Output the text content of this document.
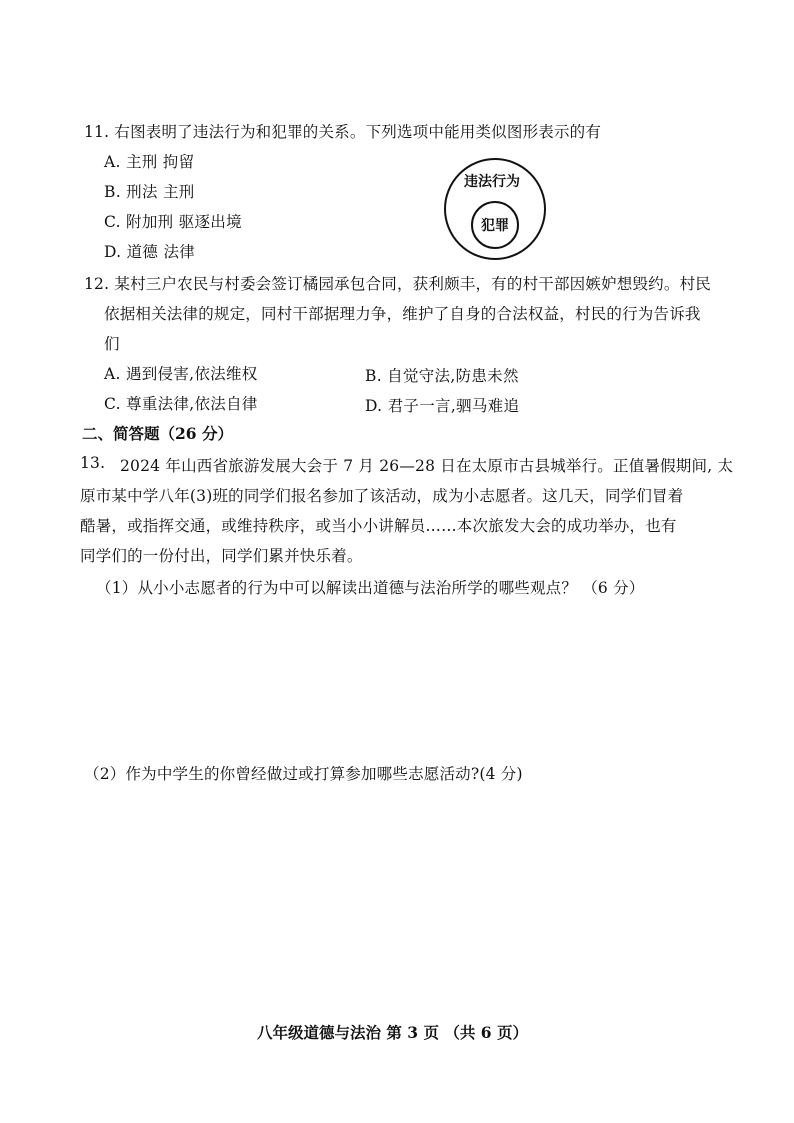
11. 右图表明了违法行为和犯罪的关系。下列选项中能用类似图形表示的有
A. 主刑 拘留
B. 刑法 主刑
C. 附加刑 驱逐出境
D. 道德 法律
违法行为
犯罪
12. 某村三户农民与村委会签订橘园承包合同，获利颇丰，有的村干部因嫉妒想毁约。村民
依据相关法律的规定，同村干部据理力争，维护了自身的合法权益，村民的行为告诉我
们
A. 遇到侵害,依法维权	B. 自觉守法,防患未然
C. 尊重法律,依法自律	D. 君子一言,驷马难追
二、简答题（26 分）
13. 2024 年山西省旅游发展大会于 7 月 26—28 日在太原市古县城举行。正值暑假期间, 太
原市某中学八年(3)班的同学们报名参加了该活动，成为小志愿者。这几天，同学们冒着
酷暑，或指挥交通，或维持秩序，或当小小讲解员……本次旅发大会的成功举办，也有
同学们的一份付出，同学们累并快乐着。
（1）从小小志愿者的行为中可以解读出道德与法治所学的哪些观点？ （6 分）
（2）作为中学生的你曾经做过或打算参加哪些志愿活动?(4 分)
八年级道德与法治 第 3 页 （共 6 页）
